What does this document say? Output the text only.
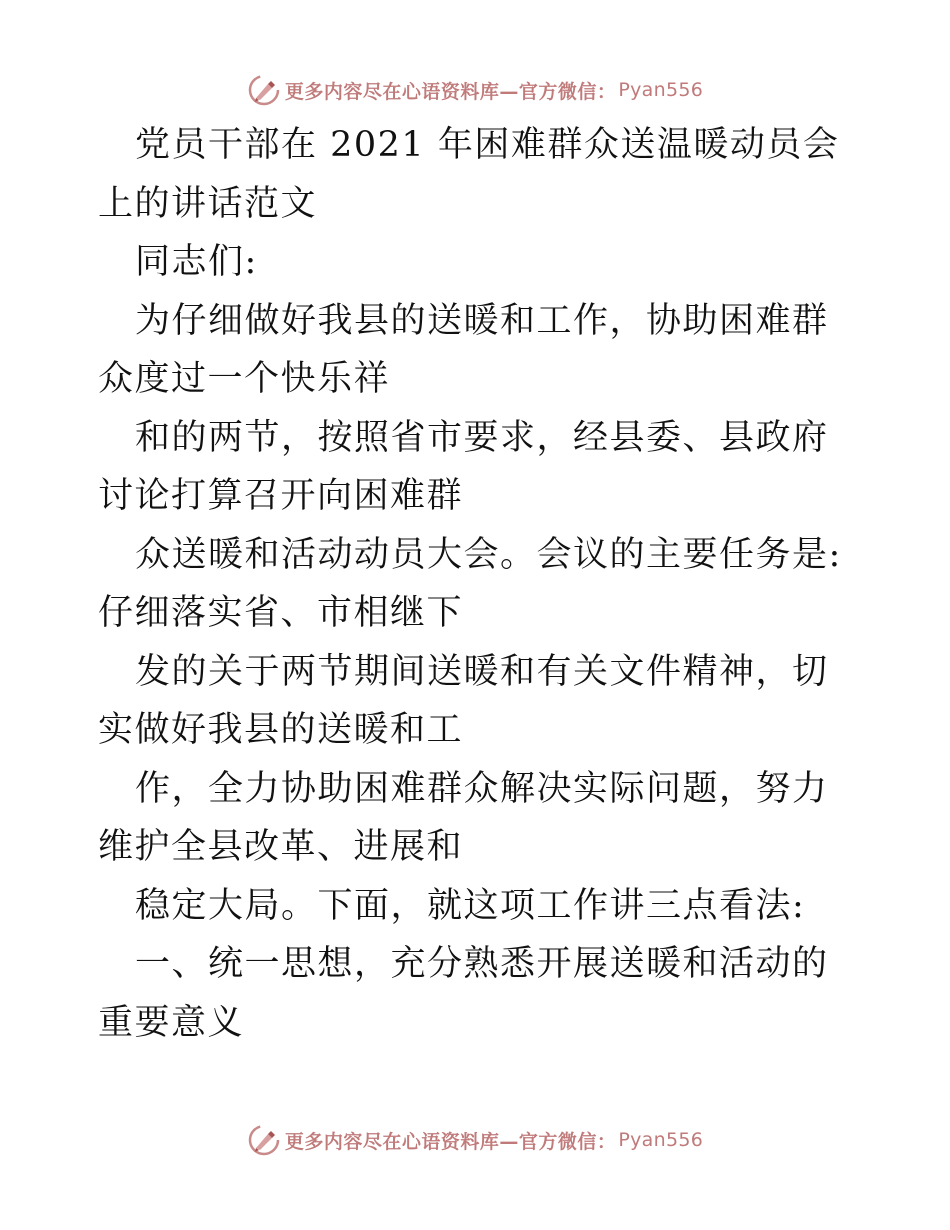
更多内容尽在心语资料库—官方微信： Pyan556

党员干部在 2021 年困难群众送温暖动员会上的讲话范文

同志们:

为仔细做好我县的送暖和工作，协助困难群众度过一个快乐祥

和的两节，按照省市要求，经县委、县政府讨论打算召开向困难群

众送暖和活动动员大会。会议的主要任务是:仔细落实省、市相继下

发的关于两节期间送暖和有关文件精神，切实做好我县的送暖和工

作，全力协助困难群众解决实际问题，努力维护全县改革、进展和

稳定大局。下面，就这项工作讲三点看法:

一、统一思想，充分熟悉开展送暖和活动的重要意义

更多内容尽在心语资料库—官方微信： Pyan556
